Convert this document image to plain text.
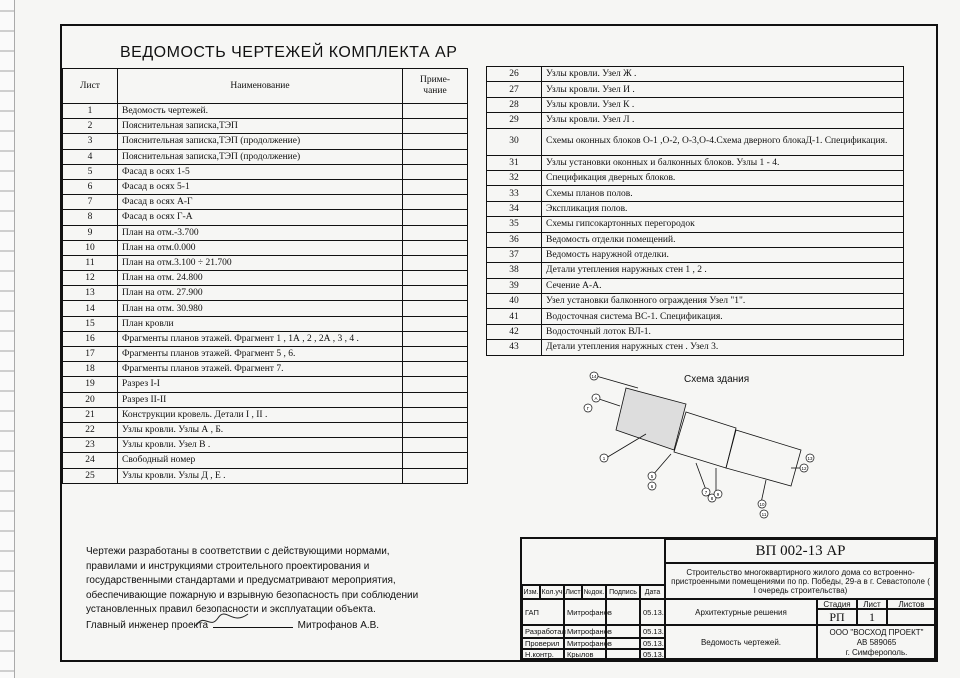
ВЕДОМОСТЬ ЧЕРТЕЖЕЙ КОМПЛЕКТА АР
Лист	Наименование	Приме-
чание
1	Ведомость чертежей.	
2	Пояснительная записка,ТЭП	
3	Пояснительная записка,ТЭП (продолжение)	
4	Пояснительная записка,ТЭП (продолжение)	
5	Фасад в осях 1-5	
6	Фасад в осях 5-1	
7	Фасад в осях А-Г	
8	Фасад в осях Г-А	
9	План на отм.-3.700	
10	План на отм.0.000	
11	План на отм.3.100 ÷ 21.700	
12	План на отм. 24.800	
13	План на отм. 27.900	
14	План на отм. 30.980	
15	План кровли	
16	Фрагменты планов этажей. Фрагмент 1 , 1А , 2 , 2А , 3 , 4 .	
17	Фрагменты планов этажей. Фрагмент 5 , 6.	
18	Фрагменты планов этажей. Фрагмент 7.	
19	Разрез I-I	
20	Разрез II-II	
21	Конструкции кровель. Детали I , II .	
22	Узлы кровли. Узлы А , Б.	
23	Узлы кровли. Узел В .	
24	Свободный номер	
25	Узлы кровли. Узлы Д , Е .	
26	Узлы кровли. Узел Ж .
27	Узлы кровли. Узел И .
28	Узлы кровли. Узел К .
29	Узлы кровли. Узел Л .
30	Схемы оконных блоков О-1 ,О-2, О-3,О-4.Схема дверного блокаД-1. Спецификация.
31	Узлы установки оконных и балконных блоков. Узлы 1 - 4.
32	Спецификация дверных блоков.
33	Схемы планов полов.
34	Экспликация полов.
35	Схемы гипсокартонных перегородок
36	Ведомость отделки помещений.
37	Ведомость наружной отделки.
38	Детали утепления наружных стен 1 , 2 .
39	Сечение А-А.
40	Узел установки балконного ограждения Узел "1".
41	Водосточная система ВС-1. Спецификация.
42	Водосточный лоток ВЛ-1.
43	Детали утепления наружных стен . Узел 3.
Схема здания
14
А
Г
1
5
6
7
8
9
10
11
12
13
Чертежи разработаны в соответствии с действующими нормами,
правилами и инструкциями строительного проектирования и
государственными стандартами и предусматривают мероприятия,
обеспечивающие пожарную и взрывную безопасность при соблюдении
установленных правил безопасности и эксплуатации объекта.
Главный инженер проекта	Митрофанов А.В.
ВП 002-13 АР
Строительство многоквартирного жилого дома со встроенно-пристроенными помещениями по пр. Победы, 29-а в г. Севастополе ( I очередь строительства)
Изм. Кол.уч Лист №док. Подпись	Дата
Архитектурные решения
Стадия	Лист	Листов
РП	1
Ведомость чертежей.
ООО "ВОСХОД ПРОЕКТ"
АВ 589065
г. Симферополь.
ГАП	Митрофанов	05.13.
Разработал Митрофанов	05.13.
Проверил Митрофанов	05.13.
Н.контр.	Крылов	05.13.
